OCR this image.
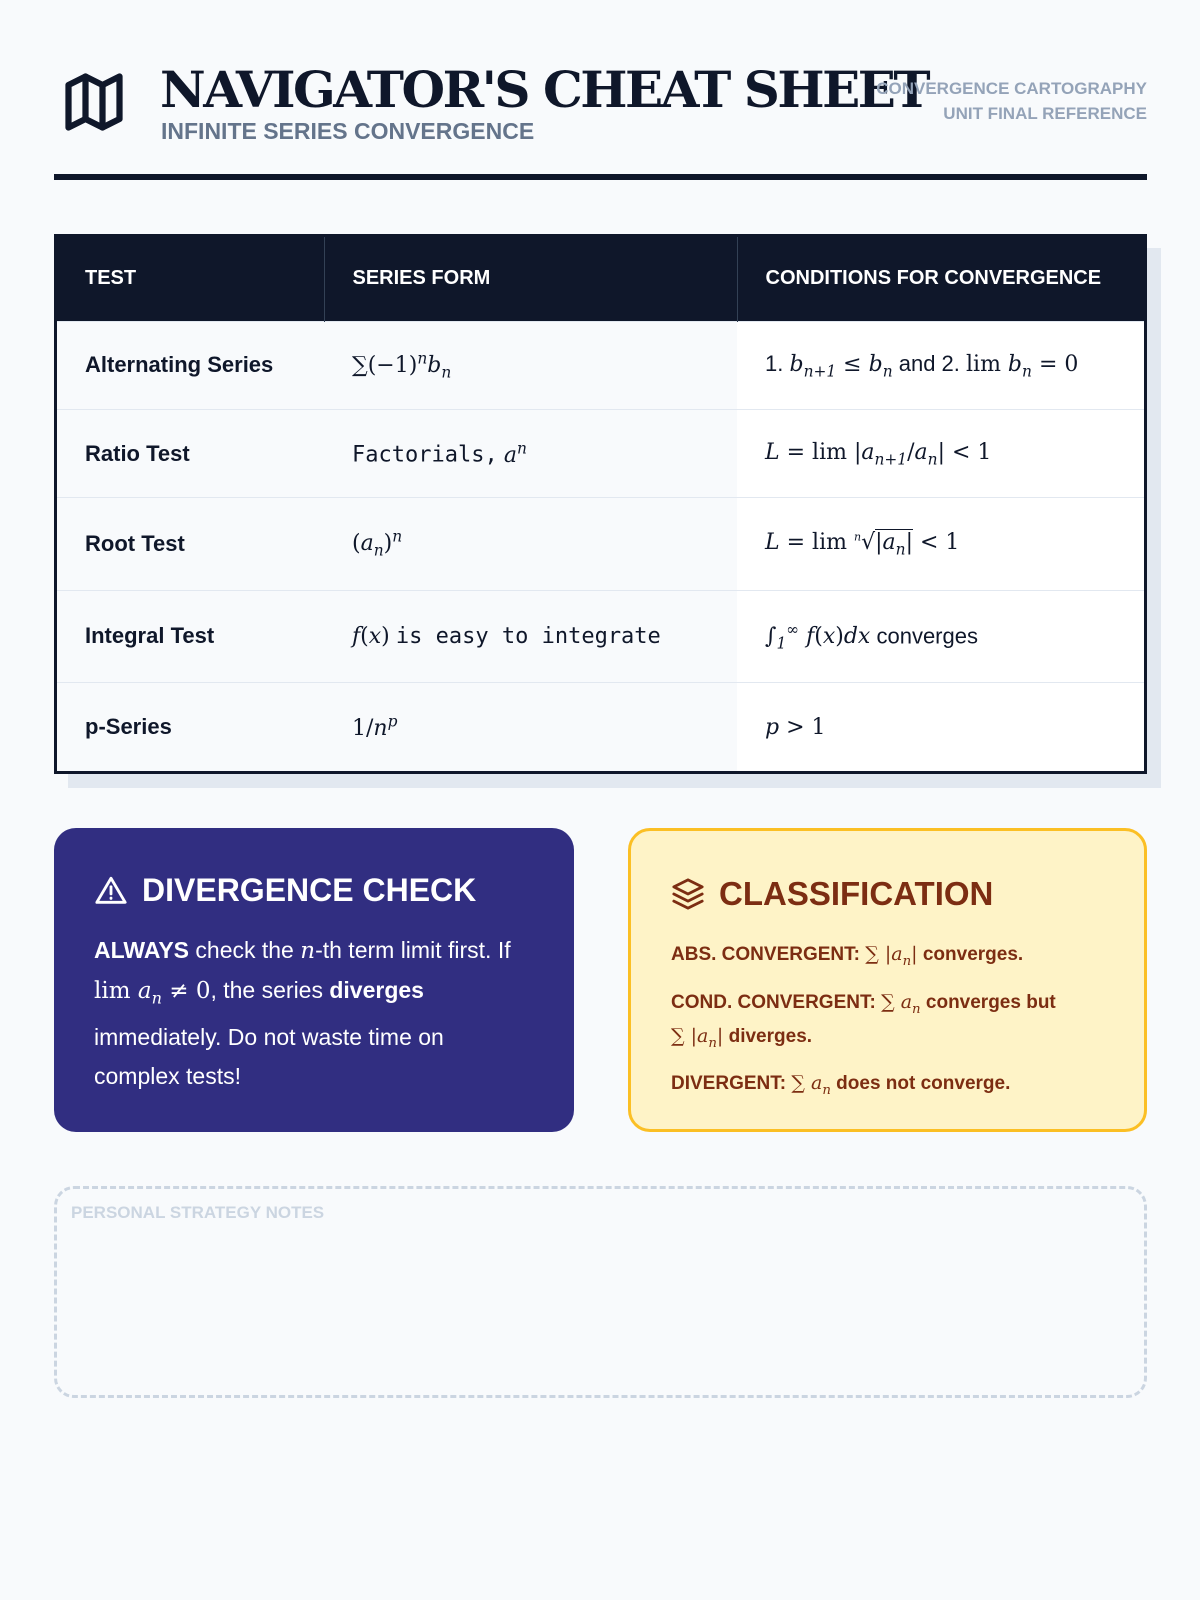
NAVIGATOR'S CHEAT SHEET
INFINITE SERIES CONVERGENCE
CONVERGENCE CARTOGRAPHY
UNIT FINAL REFERENCE
TEST	SERIES FORM	CONDITIONS FOR CONVERGENCE
Alternating Series	$\sum(-1)^nb_n$	1. $b_{n+1} \le b_n$ and 2. $\lim b_n = 0$
Ratio Test	Factorials, $a^n$	$L = \lim |a_{n+1}/a_n| < 1$
Root Test	$(a_n)^n$	$L = \lim ^n√|a_n| < 1$
Integral Test	f(x) is easy to integrate	$\int_1^\infty$ f(x)dx converges
p-Series	$1/n^p$	p > 1
DIVERGENCE CHECK
ALWAYS check the n-th term limit first. If $\lim a_n \ne 0$, the series diverges immediately. Do not waste time on complex tests!
CLASSIFICATION
ABS. CONVERGENT: ∑ $|a_n|$ converges.
COND. CONVERGENT: ∑ $a_n$ converges but
∑ $|a_n|$ diverges.
DIVERGENT: ∑ $a_n$ does not converge.
PERSONAL STRATEGY NOTES
